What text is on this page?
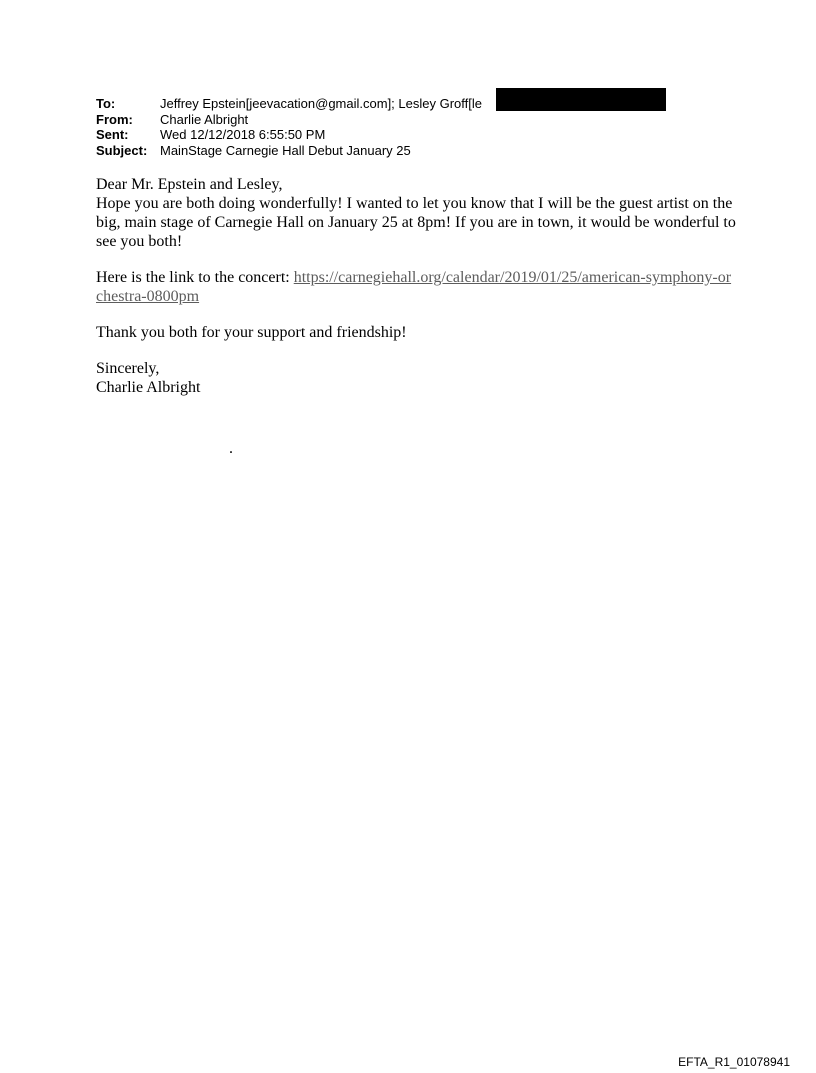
To:	Jeffrey Epstein[jeevacation@gmail.com]; Lesley Groff[le
From:	Charlie Albright
Sent:	Wed 12/12/2018 6:55:50 PM
Subject: MainStage Carnegie Hall Debut January 25

Dear Mr. Epstein and Lesley,

Hope you are both doing wonderfully! I wanted to let you know that I will be the guest artist on the big, main stage of Carnegie Hall on January 25 at 8pm! If you are in town, it would be wonderful to see you both!

Here is the link to the concert: https://carnegiehall.org/calendar/2019/01/25/american-symphony-orchestra-0800pm

Thank you both for your support and friendship!

Sincerely,

Charlie Albright

.
EFTA_R1_01078941
